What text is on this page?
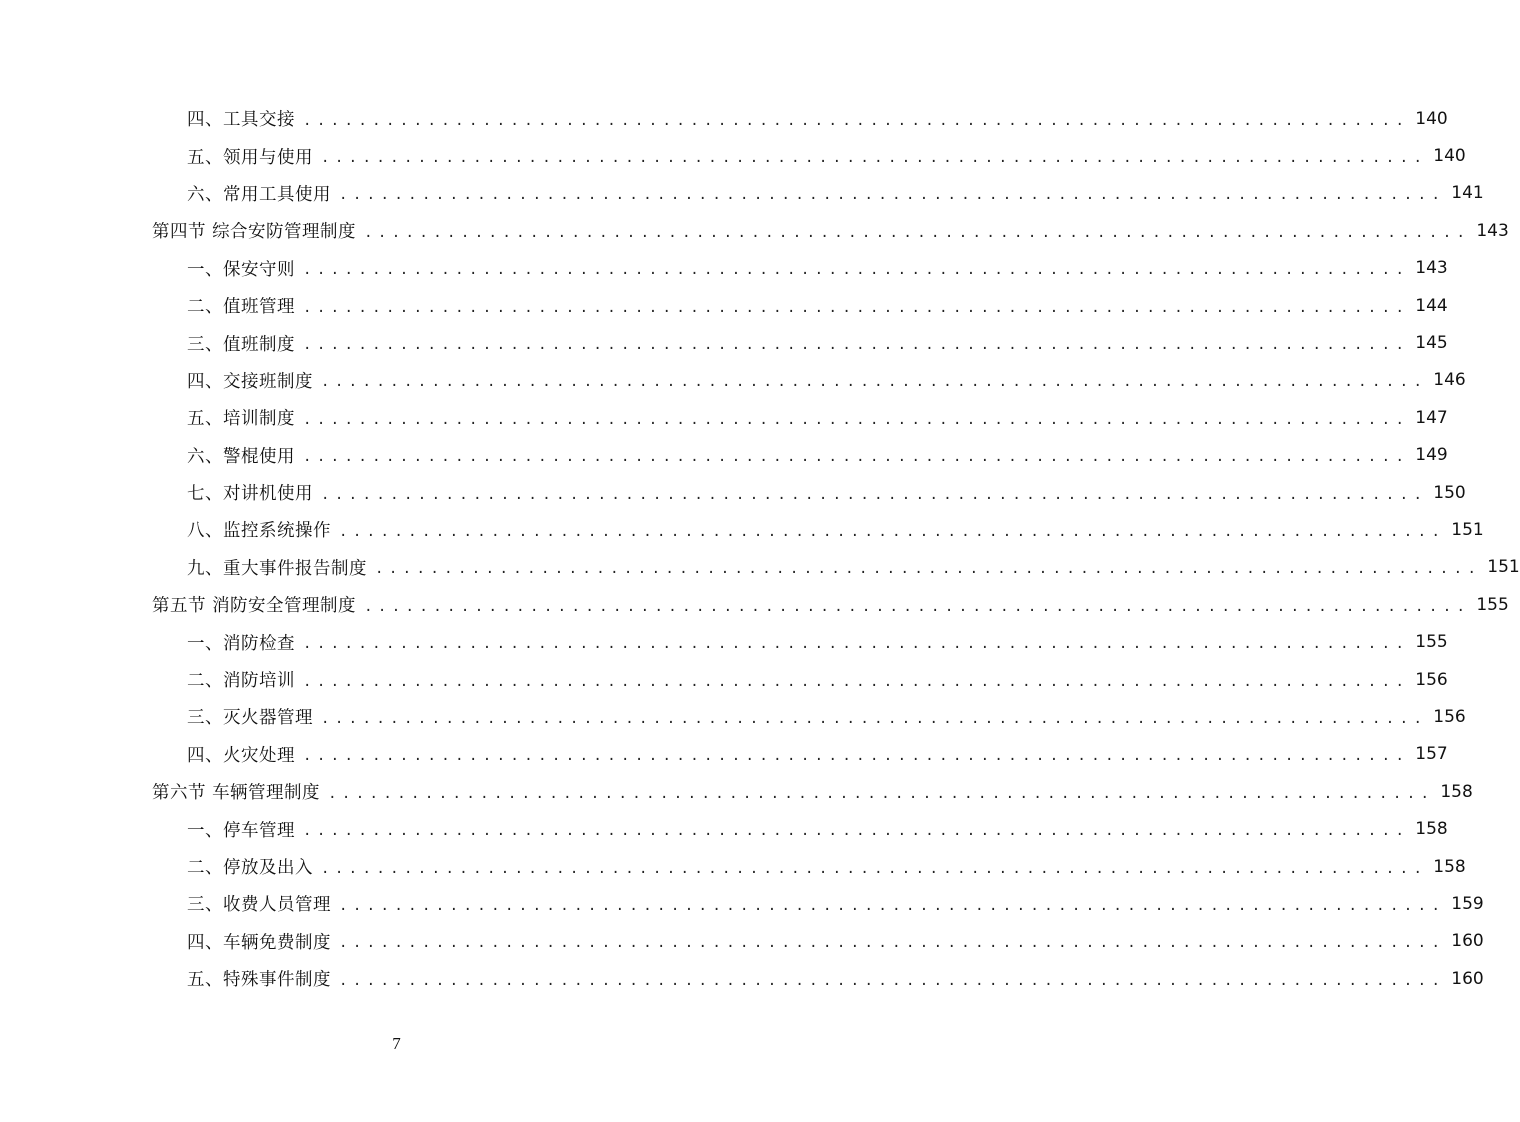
四、工具交接 ................................................................................ 140
五、领用与使用 ................................................................................ 140
六、常用工具使用 ................................................................................ 141
第四节 综合安防管理制度 ................................................................................ 143
一、保安守则 ................................................................................ 143
二、值班管理 ................................................................................ 144
三、值班制度 ................................................................................ 145
四、交接班制度 ................................................................................ 146
五、培训制度 ................................................................................ 147
六、警棍使用 ................................................................................ 149
七、对讲机使用 ................................................................................ 150
八、监控系统操作 ................................................................................ 151
九、重大事件报告制度 ................................................................................ 151
第五节 消防安全管理制度 ................................................................................ 155
一、消防检查 ................................................................................ 155
二、消防培训 ................................................................................ 156
三、灭火器管理 ................................................................................ 156
四、火灾处理 ................................................................................ 157
第六节 车辆管理制度 ................................................................................ 158
一、停车管理 ................................................................................ 158
二、停放及出入 ................................................................................ 158
三、收费人员管理 ................................................................................ 159
四、车辆免费制度 ................................................................................ 160
五、特殊事件制度 ................................................................................ 160
7
